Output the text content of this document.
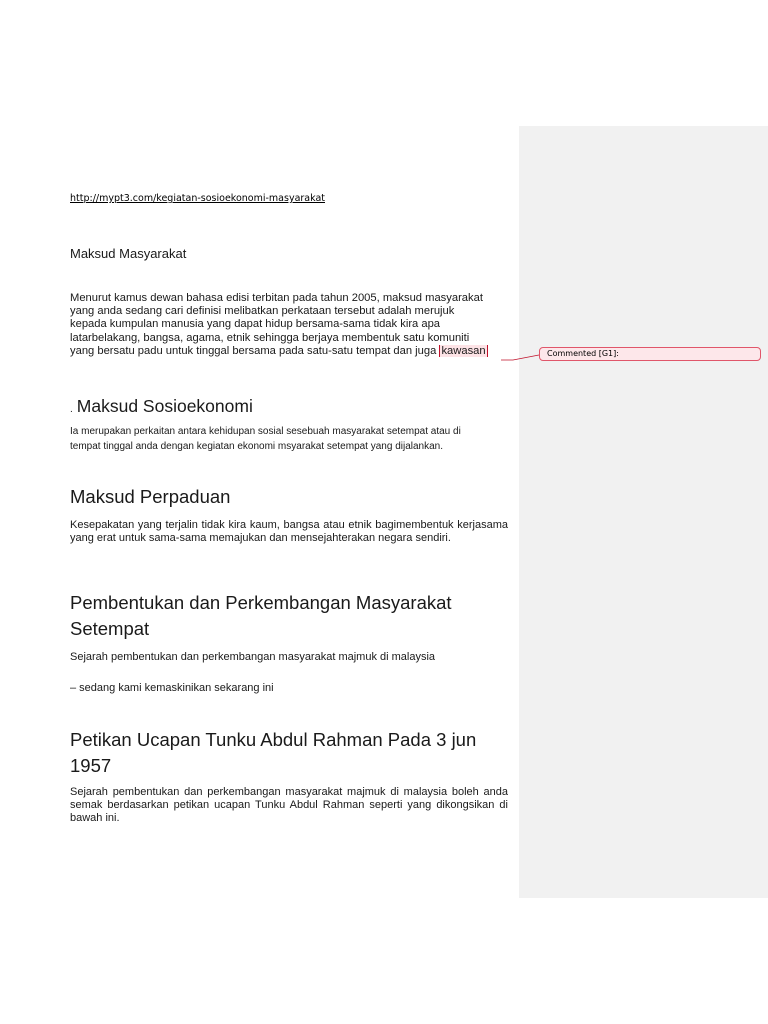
http://mypt3.com/kegiatan-sosioekonomi-masyarakat

Maksud Masyarakat

Menurut kamus dewan bahasa edisi terbitan pada tahun 2005, maksud masyarakat
yang anda sedang cari definisi melibatkan perkataan tersebut adalah merujuk
kepada kumpulan manusia yang dapat hidup bersama-sama tidak kira apa
latarbelakang, bangsa, agama, etnik sehingga berjaya membentuk satu komuniti
yang bersatu padu untuk tinggal bersama pada satu-satu tempat dan juga kawasan	Commented [G1]:

. Maksud Sosioekonomi

Ia merupakan perkaitan antara kehidupan sosial sesebuah masyarakat setempat atau di
tempat tinggal anda dengan kegiatan ekonomi msyarakat setempat yang dijalankan.

Maksud Perpaduan

Kesepakatan yang terjalin tidak kira kaum, bangsa atau etnik bagimembentuk kerjasama yang erat untuk sama-sama memajukan dan mensejahterakan negara sendiri.

Pembentukan dan Perkembangan Masyarakat
Setempat

Sejarah pembentukan dan perkembangan masyarakat majmuk di malaysia

– sedang kami kemaskinikan sekarang ini

Petikan Ucapan Tunku Abdul Rahman Pada 3 jun
1957

Sejarah pembentukan dan perkembangan masyarakat majmuk di malaysia boleh anda semak berdasarkan petikan ucapan Tunku Abdul Rahman seperti yang dikongsikan di bawah ini.
